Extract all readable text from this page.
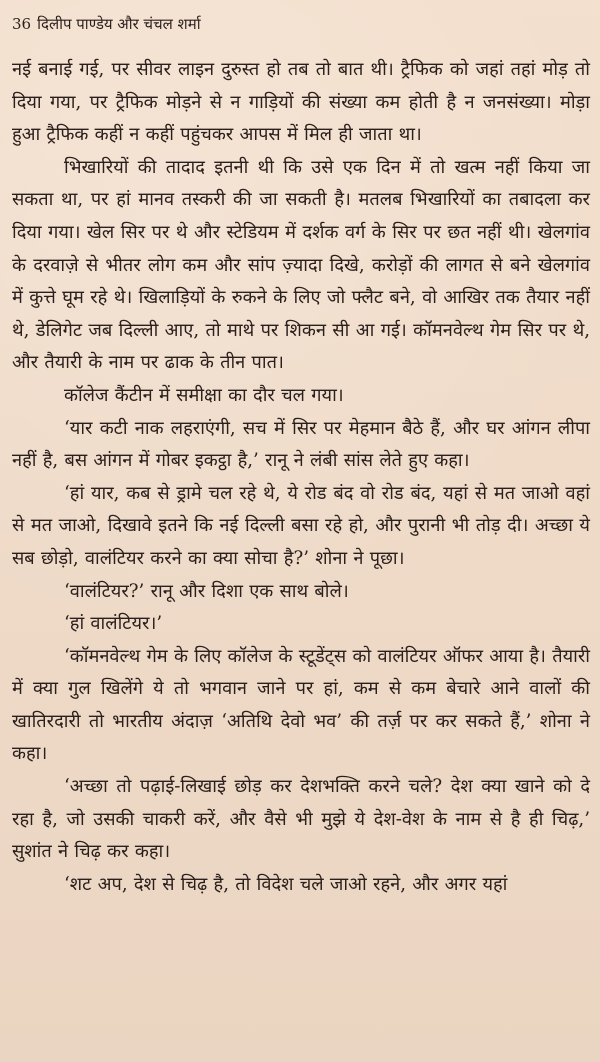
36 दिलीप पाण्डेय और चंचल शर्मा

नई बनाई गई, पर सीवर लाइन दुरुस्त हो तब तो बात थी। ट्रैफिक को जहां तहां मोड़ तो दिया गया, पर ट्रैफिक मोड़ने से न गाड़ियों की संख्या कम होती है न जनसंख्या। मोड़ा हुआ ट्रैफिक कहीं न कहीं पहुंचकर आपस में मिल ही जाता था।

भिखारियों की तादाद इतनी थी कि उसे एक दिन में तो खत्म नहीं किया जा सकता था, पर हां मानव तस्करी की जा सकती है। मतलब भिखारियों का तबादला कर दिया गया। खेल सिर पर थे और स्टेडियम में दर्शक वर्ग के सिर पर छत नहीं थी। खेलगांव के दरवाज़े से भीतर लोग कम और सांप ज़्यादा दिखे, करोड़ों की लागत से बने खेलगांव में कुत्ते घूम रहे थे। खिलाड़ियों के रुकने के लिए जो फ्लैट बने, वो आखिर तक तैयार नहीं थे, डेलिगेट जब दिल्ली आए, तो माथे पर शिकन सी आ गई। कॉमनवेल्थ गेम सिर पर थे, और तैयारी के नाम पर ढाक के तीन पात।

कॉलेज कैंटीन में समीक्षा का दौर चल गया।

‘यार कटी नाक लहराएंगी, सच में सिर पर मेहमान बैठे हैं, और घर आंगन लीपा नहीं है, बस आंगन में गोबर इकट्ठा है,’ रानू ने लंबी सांस लेते हुए कहा।

‘हां यार, कब से ड्रामे चल रहे थे, ये रोड बंद वो रोड बंद, यहां से मत जाओ वहां से मत जाओ, दिखावे इतने कि नई दिल्ली बसा रहे हो, और पुरानी भी तोड़ दी। अच्छा ये सब छोड़ो, वालंटियर करने का क्या सोचा है?’ शोना ने पूछा।

‘वालंटियर?’ रानू और दिशा एक साथ बोले।

‘हां वालंटियर।’

‘कॉमनवेल्थ गेम के लिए कॉलेज के स्टूडेंट्स को वालंटियर ऑफर आया है। तैयारी में क्या गुल खिलेंगे ये तो भगवान जाने पर हां, कम से कम बेचारे आने वालों की खातिरदारी तो भारतीय अंदाज़ ‘अतिथि देवो भव’ की तर्ज़ पर कर सकते हैं,’ शोना ने कहा।

‘अच्छा तो पढ़ाई-लिखाई छोड़ कर देशभक्ति करने चले? देश क्या खाने को दे रहा है, जो उसकी चाकरी करें, और वैसे भी मुझे ये देश-वेश के नाम से है ही चिढ़,’ सुशांत ने चिढ़ कर कहा।

‘शट अप, देश से चिढ़ है, तो विदेश चले जाओ रहने, और अगर यहां
